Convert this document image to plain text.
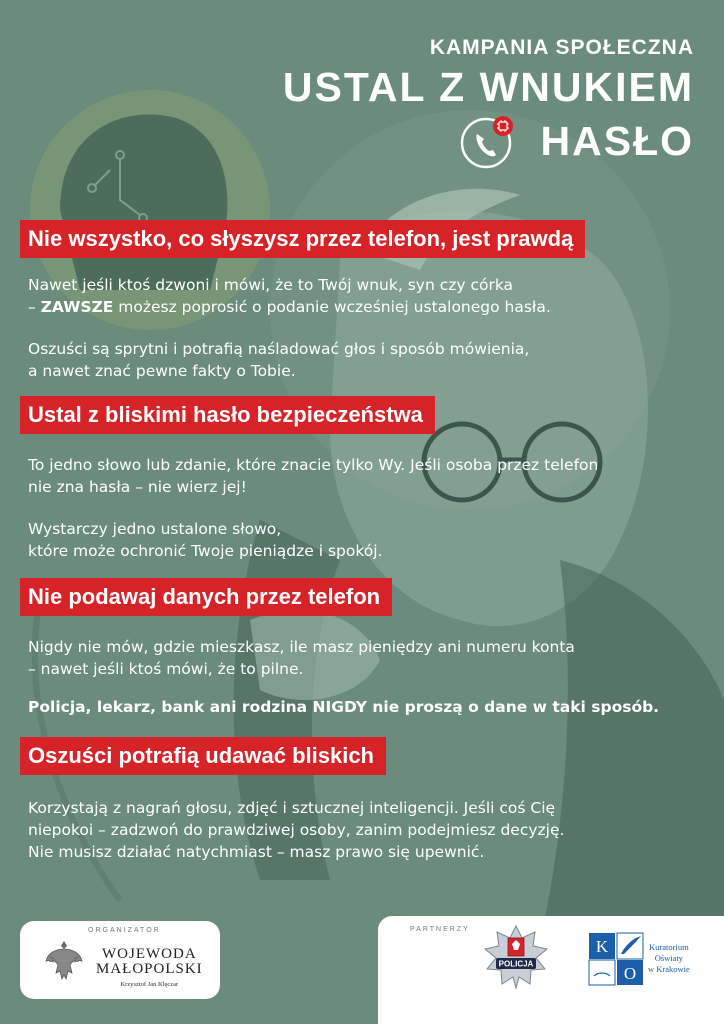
KAMPANIA SPOŁECZNA
USTAL Z WNUKIEM
HASŁO
Nie wszystko, co słyszysz przez telefon, jest prawdą

Nawet jeśli ktoś dzwoni i mówi, że to Twój wnuk, syn czy córka

– ZAWSZE możesz poprosić o podanie wcześniej ustalonego hasła.

Oszuści są sprytni i potrafią naśladować głos i sposób mówienia,

a nawet znać pewne fakty o Tobie.

Ustal z bliskimi hasło bezpieczeństwa

To jedno słowo lub zdanie, które znacie tylko Wy. Jeśli osoba przez telefon

nie zna hasła – nie wierz jej!

Wystarczy jedno ustalone słowo,

które może ochronić Twoje pieniądze i spokój.

Nie podawaj danych przez telefon

Nigdy nie mów, gdzie mieszkasz, ile masz pieniędzy ani numeru konta

– nawet jeśli ktoś mówi, że to pilne.

Policja, lekarz, bank ani rodzina NIGDY nie proszą o dane w taki sposób.

Oszuści potrafią udawać bliskich

Korzystają z nagrań głosu, zdjęć i sztucznej inteligencji. Jeśli coś Cię

niepokoi – zadzwoń do prawdziwej osoby, zanim podejmiesz decyzję.

Nie musisz działać natychmiast – masz prawo się upewnić.

ORGANIZATOR
WOJEWODA
MAŁOPOLSKI
Krzysztof Jan Klęczar
PARTNERZY
POLICJA
K
O
Kuratorium
Oświaty
w Krakowie
